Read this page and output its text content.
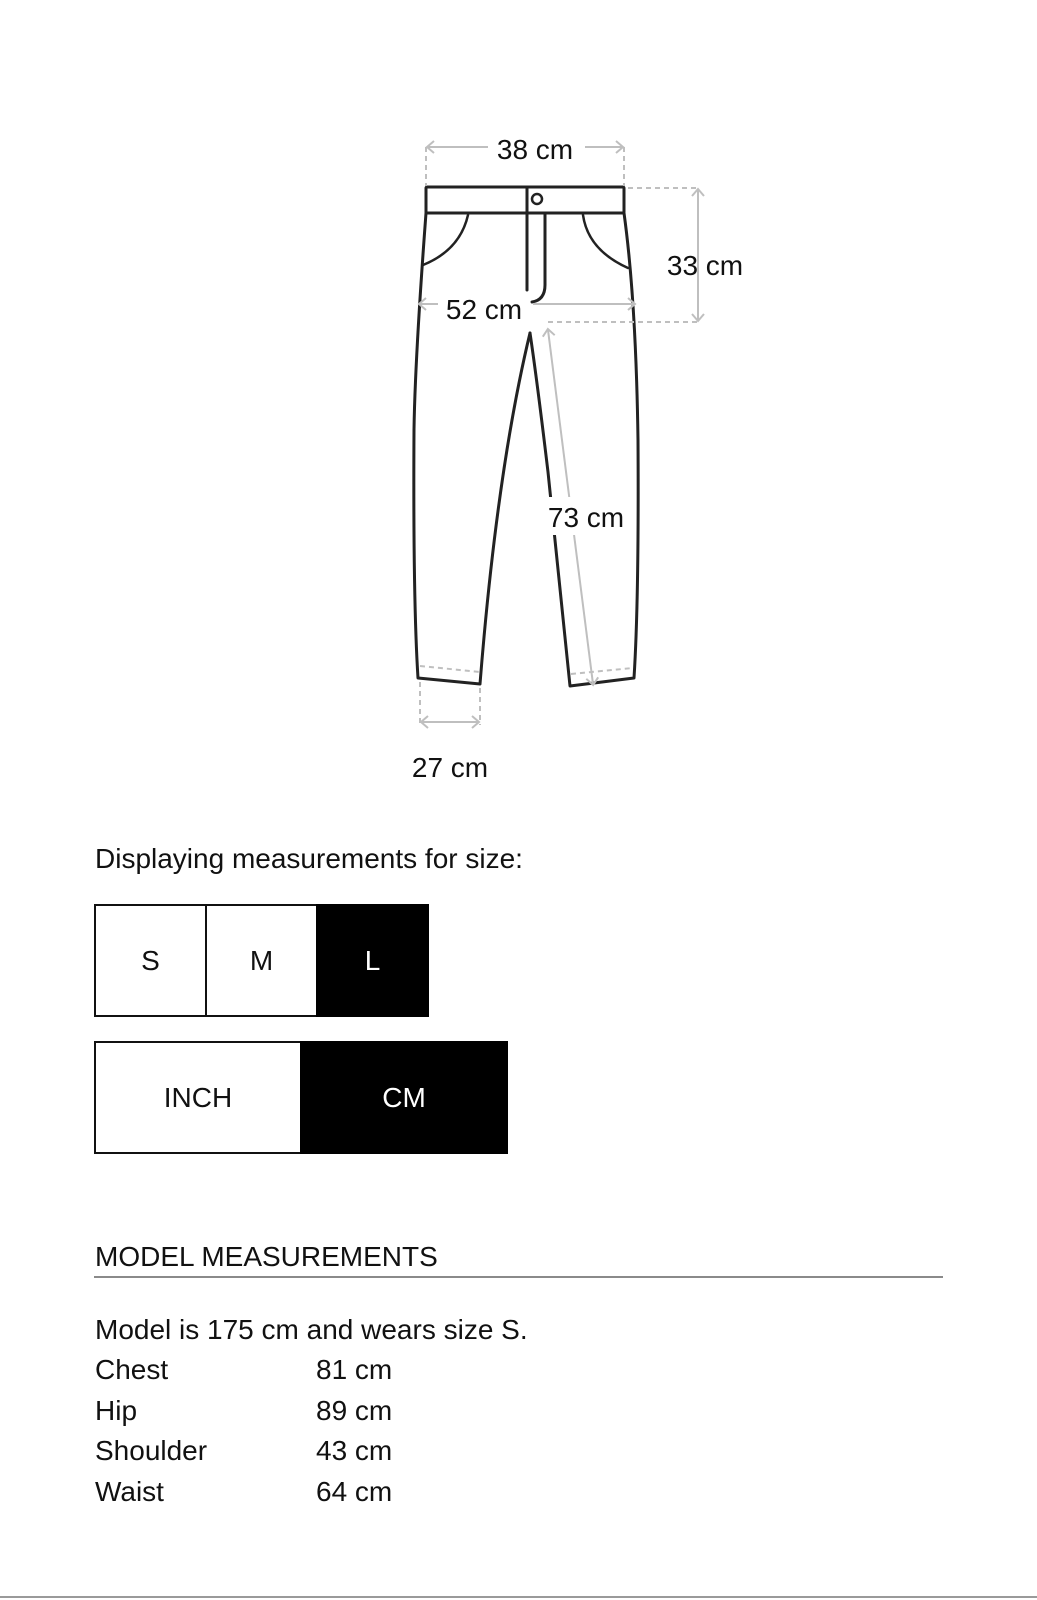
38 cm
33 cm
52 cm
73 cm
27 cm
Displaying measurements for size:
S	M	L
INCH	CM
MODEL MEASUREMENTS
Model is 175 cm and wears size S.
Chest	81 cm
Hip	89 cm
Shoulder	43 cm
Waist	64 cm
